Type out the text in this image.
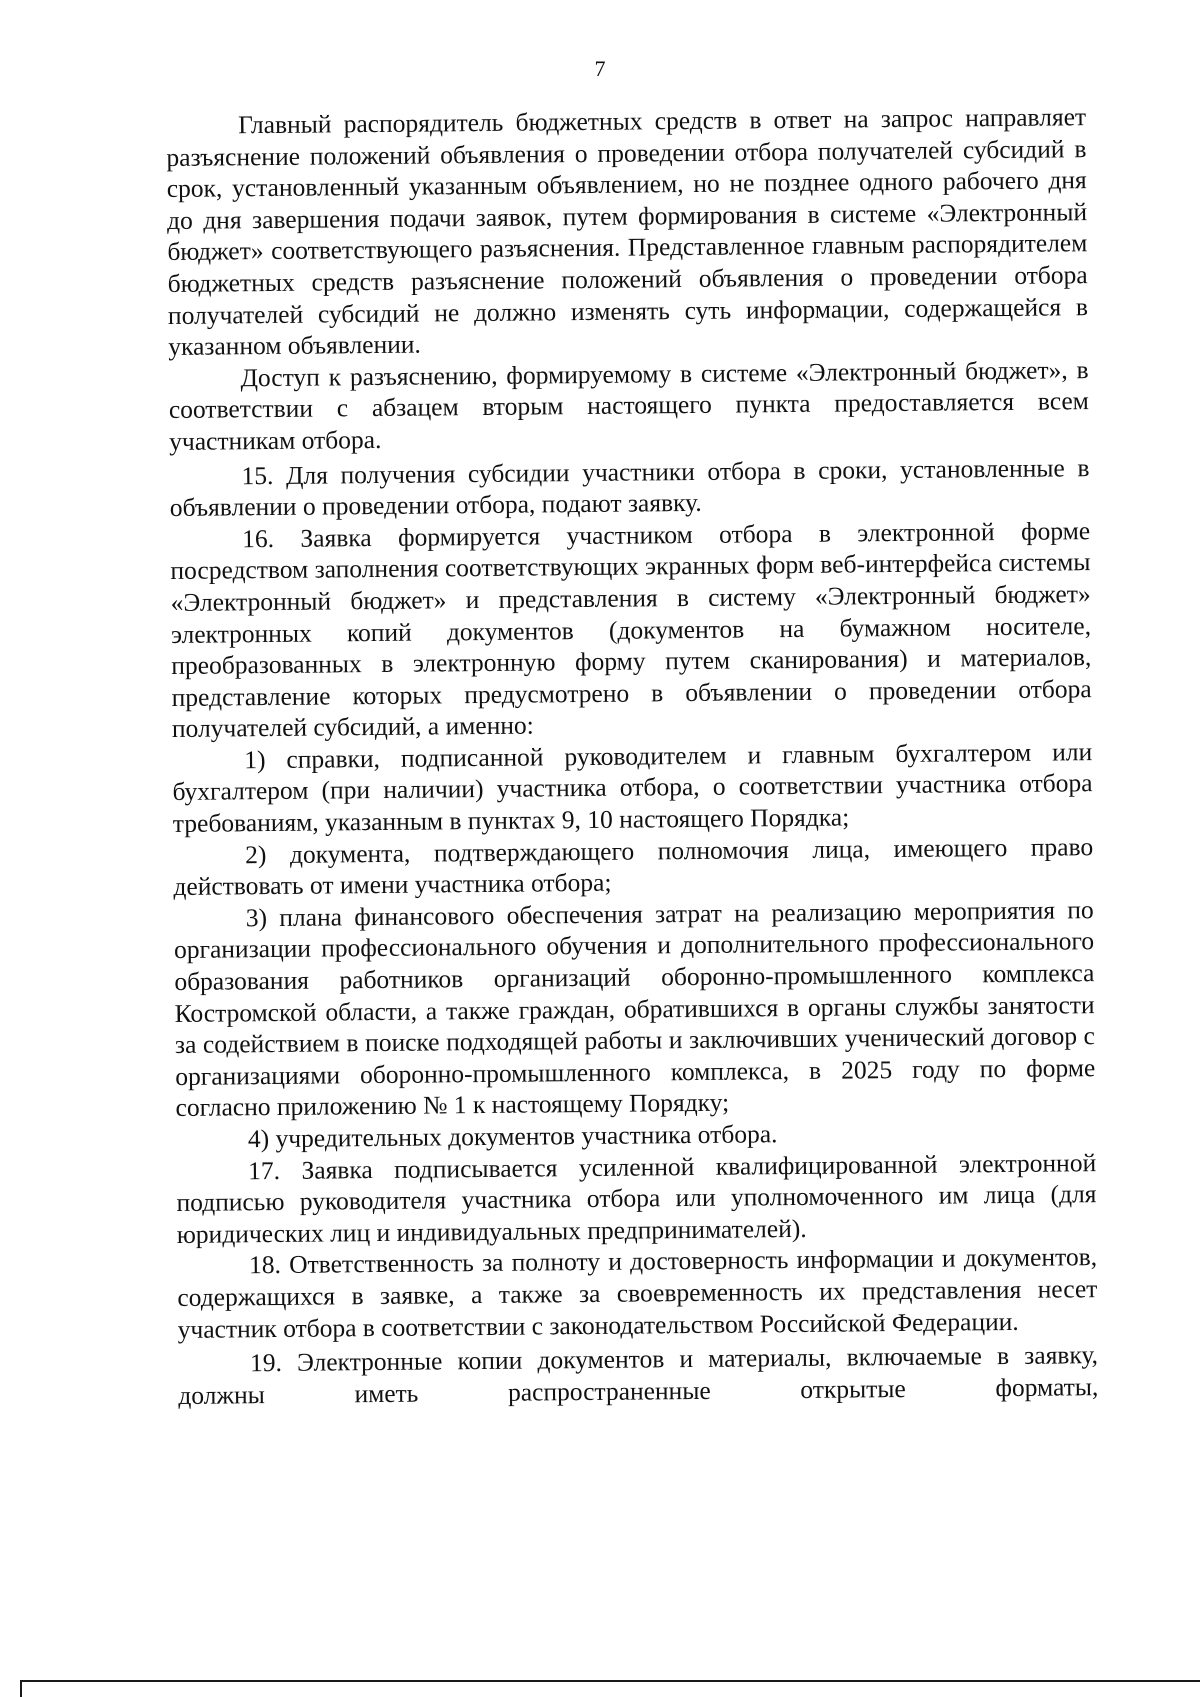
7

Главный распорядитель бюджетных средств в ответ на запрос направляет разъяснение положений объявления о проведении отбора получателей субсидий в срок, установленный указанным объявлением, но не позднее одного рабочего дня до дня завершения подачи заявок, путем формирования в системе «Электронный бюджет» соответствующего разъяснения. Представленное главным распорядителем бюджетных средств разъяснение положений объявления о проведении отбора получателей субсидий не должно изменять суть информации, содержащейся в указанном объявлении.

Доступ к разъяснению, формируемому в системе «Электронный бюджет», в соответствии с абзацем вторым настоящего пункта предоставляется всем участникам отбора.

15. Для получения субсидии участники отбора в сроки, установленные в объявлении о проведении отбора, подают заявку.

16. Заявка формируется участником отбора в электронной форме посредством заполнения соответствующих экранных форм веб-интерфейса системы «Электронный бюджет» и представления в систему «Электронный бюджет» электронных копий документов (документов на бумажном носителе, преобразованных в электронную форму путем сканирования) и материалов, представление которых предусмотрено в объявлении о проведении отбора получателей субсидий, а именно:

1) справки, подписанной руководителем и главным бухгалтером или бухгалтером (при наличии) участника отбора, о соответствии участника отбора требованиям, указанным в пунктах 9, 10 настоящего Порядка;

2) документа, подтверждающего полномочия лица, имеющего право действовать от имени участника отбора;

3) плана финансового обеспечения затрат на реализацию мероприятия по организации профессионального обучения и дополнительного профессионального образования работников организаций оборонно-промышленного комплекса Костромской области, а также граждан, обратившихся в органы службы занятости за содействием в поиске подходящей работы и заключивших ученический договор с организациями оборонно-промышленного комплекса, в 2025 году по форме согласно приложению № 1 к настоящему Порядку;

4) учредительных документов участника отбора.

17. Заявка подписывается усиленной квалифицированной электронной подписью руководителя участника отбора или уполномоченного им лица (для юридических лиц и индивидуальных предпринимателей).

18. Ответственность за полноту и достоверность информации и документов, содержащихся в заявке, а также за своевременность их представления несет участник отбора в соответствии с законодательством Российской Федерации.

19. Электронные копии документов и материалы, включаемые в заявку, должны иметь распространенные открытые форматы,
